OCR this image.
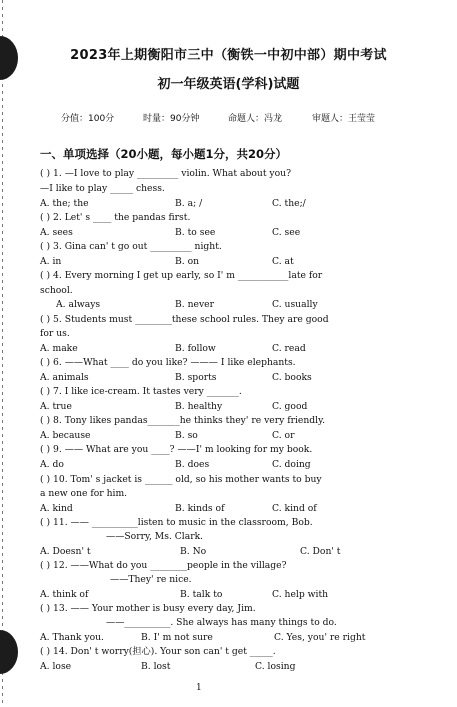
2023年上期衡阳市三中（衡铁一中初中部）期中考试
初一年级英语(学科)试题
分值：100分	时量：90分钟	命题人：冯龙	审题人：王莹莹
一、单项选择（20小题，每小题1分，共20分）
( ) 1. —I love to play _________ violin. What about you?
—I like to play _____ chess.
A. the; the	B. a; /	C. the;/
( ) 2. Let' s ____ the pandas first.
A. sees	B. to see	C. see
( ) 3. Gina can' t go out _________ night.
A. in	B. on	C. at
( ) 4. Every morning I get up early, so I' m ___________late for
school.
A. always	B. never	C. usually
( ) 5. Students must ________these school rules. They are good
for us.
A. make	B. follow	C. read
( ) 6. ——What ____ do you like? ——— I like elephants.
A. animals	B. sports	C. books
( ) 7. I like ice-cream. It tastes very _______.
A. true	B. healthy	C. good
( ) 8. Tony likes pandas_______he thinks they' re very friendly.
A. because	B. so	C. or
( ) 9. —— What are you ____? ——I' m looking for my book.
A. do	B. does	C. doing
( ) 10. Tom' s jacket is ______ old, so his mother wants to buy
a new one for him.
A. kind	B. kinds of	C. kind of
( ) 11. —— __________listen to music in the classroom, Bob.
——Sorry, Ms. Clark.
A. Doesn' t	B. No	C. Don' t
( ) 12. ——What do you ________people in the village?
——They' re nice.
A. think of	B. talk to	C. help with
( ) 13. —— Your mother is busy every day, Jim.
——__________. She always has many things to do.
A. Thank you.	B. I' m not sure	C. Yes, you' re right
( ) 14. Don' t worry(担心). Your son can' t get _____.
A. lose	B. lost	C. losing
1
